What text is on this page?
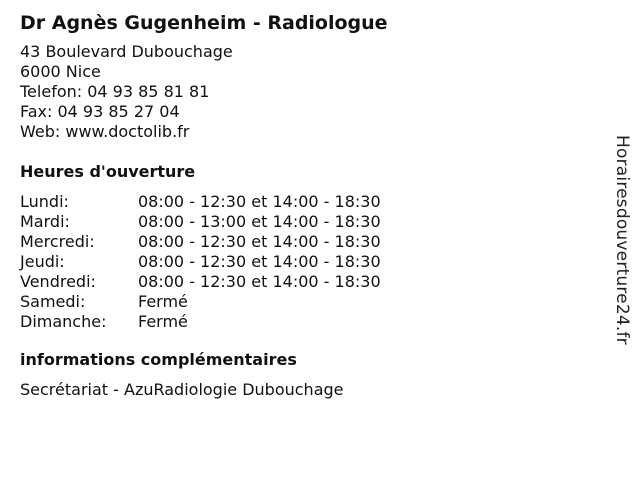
Dr Agnès Gugenheim - Radiologue
43 Boulevard Dubouchage
6000 Nice
Telefon: 04 93 85 81 81
Fax: 04 93 85 27 04
Web: www.doctolib.fr
Heures d'ouverture
Lundi:	08:00 - 12:30 et 14:00 - 18:30
Mardi:	08:00 - 13:00 et 14:00 - 18:30
Mercredi:	08:00 - 12:30 et 14:00 - 18:30
Jeudi:	08:00 - 12:30 et 14:00 - 18:30
Vendredi:	08:00 - 12:30 et 14:00 - 18:30
Samedi:	Fermé
Dimanche:	Fermé
informations complémentaires
Secrétariat - AzuRadiologie Dubouchage
Horairesdouverture24.fr
